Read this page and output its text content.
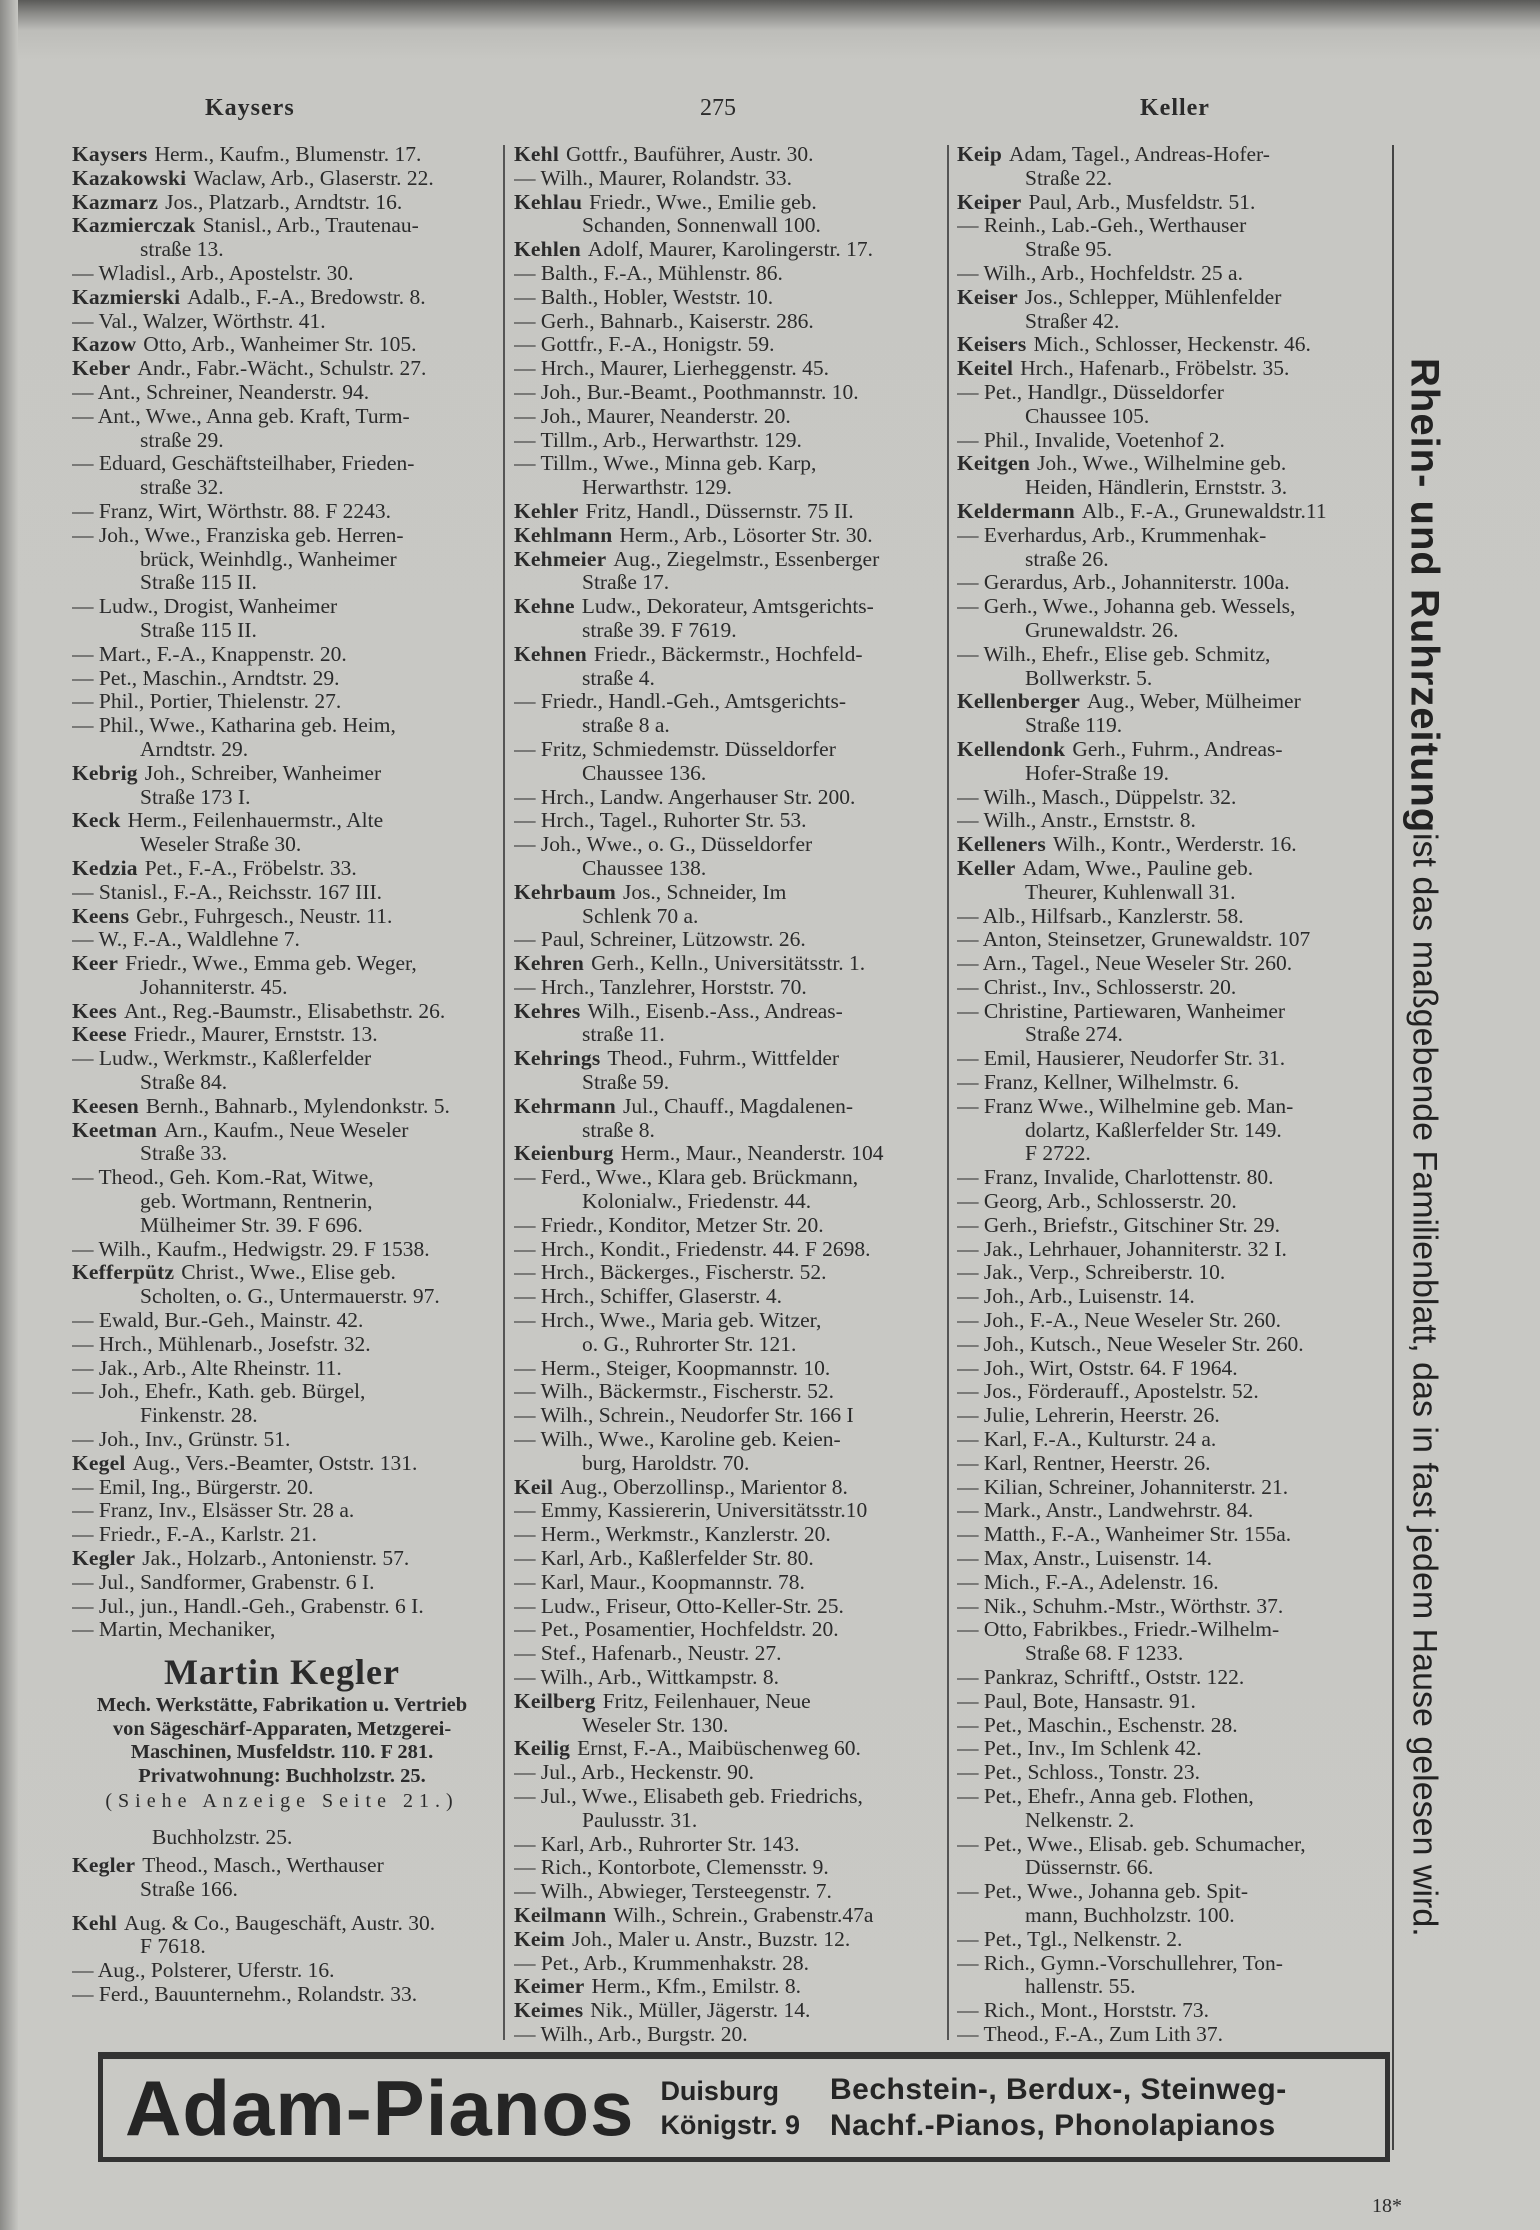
Kaysers	275	Keller
Kaysers Herm., Kaufm., Blumenstr. 17.
Kazakowski Waclaw, Arb., Glaserstr. 22.
Kazmarz Jos., Platzarb., Arndtstr. 16.
Kazmierczak Stanisl., Arb., Trautenau-
straße 13.
— Wladisl., Arb., Apostelstr. 30.
Kazmierski Adalb., F.-A., Bredowstr. 8.
— Val., Walzer, Wörthstr. 41.
Kazow Otto, Arb., Wanheimer Str. 105.
Keber Andr., Fabr.-Wächt., Schulstr. 27.
— Ant., Schreiner, Neanderstr. 94.
— Ant., Wwe., Anna geb. Kraft, Turm-
straße 29.
— Eduard, Geschäftsteilhaber, Frieden-
straße 32.
— Franz, Wirt, Wörthstr. 88. F 2243.
— Joh., Wwe., Franziska geb. Herren-
brück, Weinhdlg., Wanheimer
Straße 115 II.
— Ludw., Drogist, Wanheimer
Straße 115 II.
— Mart., F.-A., Knappenstr. 20.
— Pet., Maschin., Arndtstr. 29.
— Phil., Portier, Thielenstr. 27.
— Phil., Wwe., Katharina geb. Heim,
Arndtstr. 29.
Kebrig Joh., Schreiber, Wanheimer
Straße 173 I.
Keck Herm., Feilenhauermstr., Alte
Weseler Straße 30.
Kedzia Pet., F.-A., Fröbelstr. 33.
— Stanisl., F.-A., Reichsstr. 167 III.
Keens Gebr., Fuhrgesch., Neustr. 11.
— W., F.-A., Waldlehne 7.
Keer Friedr., Wwe., Emma geb. Weger,
Johanniterstr. 45.
Kees Ant., Reg.-Baumstr., Elisabethstr. 26.
Keese Friedr., Maurer, Ernststr. 13.
— Ludw., Werkmstr., Kaßlerfelder
Straße 84.
Keesen Bernh., Bahnarb., Mylendonkstr. 5.
Keetman Arn., Kaufm., Neue Weseler
Straße 33.
— Theod., Geh. Kom.-Rat, Witwe,
geb. Wortmann, Rentnerin,
Mülheimer Str. 39. F 696.
— Wilh., Kaufm., Hedwigstr. 29. F 1538.
Kefferpütz Christ., Wwe., Elise geb.
Scholten, o. G., Untermauerstr. 97.
— Ewald, Bur.-Geh., Mainstr. 42.
— Hrch., Mühlenarb., Josefstr. 32.
— Jak., Arb., Alte Rheinstr. 11.
— Joh., Ehefr., Kath. geb. Bürgel,
Finkenstr. 28.
— Joh., Inv., Grünstr. 51.
Kegel Aug., Vers.-Beamter, Oststr. 131.
— Emil, Ing., Bürgerstr. 20.
— Franz, Inv., Elsässer Str. 28 a.
— Friedr., F.-A., Karlstr. 21.
Kegler Jak., Holzarb., Antonienstr. 57.
— Jul., Sandformer, Grabenstr. 6 I.
— Jul., jun., Handl.-Geh., Grabenstr. 6 I.
— Martin, Mechaniker,
Martin Kegler
Mech. Werkstätte, Fabrikation u. Vertrieb
von Sägeschärf-Apparaten, Metzgerei-
Maschinen, Musfeldstr. 110. F 281.
Privatwohnung: Buchholzstr. 25.
(Siehe Anzeige Seite 21.)
Buchholzstr. 25.
Kegler Theod., Masch., Werthauser
Straße 166.
Kehl Aug. & Co., Baugeschäft, Austr. 30.
F 7618.
— Aug., Polsterer, Uferstr. 16.
— Ferd., Bauunternehm., Rolandstr. 33.
Kehl Gottfr., Bauführer, Austr. 30.
— Wilh., Maurer, Rolandstr. 33.
Kehlau Friedr., Wwe., Emilie geb.
Schanden, Sonnenwall 100.
Kehlen Adolf, Maurer, Karolingerstr. 17.
— Balth., F.-A., Mühlenstr. 86.
— Balth., Hobler, Weststr. 10.
— Gerh., Bahnarb., Kaiserstr. 286.
— Gottfr., F.-A., Honigstr. 59.
— Hrch., Maurer, Lierheggenstr. 45.
— Joh., Bur.-Beamt., Poothmannstr. 10.
— Joh., Maurer, Neanderstr. 20.
— Tillm., Arb., Herwarthstr. 129.
— Tillm., Wwe., Minna geb. Karp,
Herwarthstr. 129.
Kehler Fritz, Handl., Düssernstr. 75 II.
Kehlmann Herm., Arb., Lösorter Str. 30.
Kehmeier Aug., Ziegelmstr., Essenberger
Straße 17.
Kehne Ludw., Dekorateur, Amtsgerichts-
straße 39. F 7619.
Kehnen Friedr., Bäckermstr., Hochfeld-
straße 4.
— Friedr., Handl.-Geh., Amtsgerichts-
straße 8 a.
— Fritz, Schmiedemstr. Düsseldorfer
Chaussee 136.
— Hrch., Landw. Angerhauser Str. 200.
— Hrch., Tagel., Ruhorter Str. 53.
— Joh., Wwe., o. G., Düsseldorfer
Chaussee 138.
Kehrbaum Jos., Schneider, Im
Schlenk 70 a.
— Paul, Schreiner, Lützowstr. 26.
Kehren Gerh., Kelln., Universitätsstr. 1.
— Hrch., Tanzlehrer, Horststr. 70.
Kehres Wilh., Eisenb.-Ass., Andreas-
straße 11.
Kehrings Theod., Fuhrm., Wittfelder
Straße 59.
Kehrmann Jul., Chauff., Magdalenen-
straße 8.
Keienburg Herm., Maur., Neanderstr. 104
— Ferd., Wwe., Klara geb. Brückmann,
Kolonialw., Friedenstr. 44.
— Friedr., Konditor, Metzer Str. 20.
— Hrch., Kondit., Friedenstr. 44. F 2698.
— Hrch., Bäckerges., Fischerstr. 52.
— Hrch., Schiffer, Glaserstr. 4.
— Hrch., Wwe., Maria geb. Witzer,
o. G., Ruhrorter Str. 121.
— Herm., Steiger, Koopmannstr. 10.
— Wilh., Bäckermstr., Fischerstr. 52.
— Wilh., Schrein., Neudorfer Str. 166 I
— Wilh., Wwe., Karoline geb. Keien-
burg, Haroldstr. 70.
Keil Aug., Oberzollinsp., Marientor 8.
— Emmy, Kassiererin, Universitätsstr.10
— Herm., Werkmstr., Kanzlerstr. 20.
— Karl, Arb., Kaßlerfelder Str. 80.
— Karl, Maur., Koopmannstr. 78.
— Ludw., Friseur, Otto-Keller-Str. 25.
— Pet., Posamentier, Hochfeldstr. 20.
— Stef., Hafenarb., Neustr. 27.
— Wilh., Arb., Wittkampstr. 8.
Keilberg Fritz, Feilenhauer, Neue
Weseler Str. 130.
Keilig Ernst, F.-A., Maibüschenweg 60.
— Jul., Arb., Heckenstr. 90.
— Jul., Wwe., Elisabeth geb. Friedrichs,
Paulusstr. 31.
— Karl, Arb., Ruhrorter Str. 143.
— Rich., Kontorbote, Clemensstr. 9.
— Wilh., Abwieger, Tersteegenstr. 7.
Keilmann Wilh., Schrein., Grabenstr.47a
Keim Joh., Maler u. Anstr., Buzstr. 12.
— Pet., Arb., Krummenhakstr. 28.
Keimer Herm., Kfm., Emilstr. 8.
Keimes Nik., Müller, Jägerstr. 14.
— Wilh., Arb., Burgstr. 20.
Keip Adam, Tagel., Andreas-Hofer-
Straße 22.
Keiper Paul, Arb., Musfeldstr. 51.
— Reinh., Lab.-Geh., Werthauser
Straße 95.
— Wilh., Arb., Hochfeldstr. 25 a.
Keiser Jos., Schlepper, Mühlenfelder
Straßer 42.
Keisers Mich., Schlosser, Heckenstr. 46.
Keitel Hrch., Hafenarb., Fröbelstr. 35.
— Pet., Handlgr., Düsseldorfer
Chaussee 105.
— Phil., Invalide, Voetenhof 2.
Keitgen Joh., Wwe., Wilhelmine geb.
Heiden, Händlerin, Ernststr. 3.
Keldermann Alb., F.-A., Grunewaldstr.11
— Everhardus, Arb., Krummenhak-
straße 26.
— Gerardus, Arb., Johanniterstr. 100a.
— Gerh., Wwe., Johanna geb. Wessels,
Grunewaldstr. 26.
— Wilh., Ehefr., Elise geb. Schmitz,
Bollwerkstr. 5.
Kellenberger Aug., Weber, Mülheimer
Straße 119.
Kellendonk Gerh., Fuhrm., Andreas-
Hofer-Straße 19.
— Wilh., Masch., Düppelstr. 32.
— Wilh., Anstr., Ernststr. 8.
Kelleners Wilh., Kontr., Werderstr. 16.
Keller Adam, Wwe., Pauline geb.
Theurer, Kuhlenwall 31.
— Alb., Hilfsarb., Kanzlerstr. 58.
— Anton, Steinsetzer, Grunewaldstr. 107
— Arn., Tagel., Neue Weseler Str. 260.
— Christ., Inv., Schlosserstr. 20.
— Christine, Partiewaren, Wanheimer
Straße 274.
— Emil, Hausierer, Neudorfer Str. 31.
— Franz, Kellner, Wilhelmstr. 6.
— Franz Wwe., Wilhelmine geb. Man-
dolartz, Kaßlerfelder Str. 149.
F 2722.
— Franz, Invalide, Charlottenstr. 80.
— Georg, Arb., Schlosserstr. 20.
— Gerh., Briefstr., Gitschiner Str. 29.
— Jak., Lehrhauer, Johanniterstr. 32 I.
— Jak., Verp., Schreiberstr. 10.
— Joh., Arb., Luisenstr. 14.
— Joh., F.-A., Neue Weseler Str. 260.
— Joh., Kutsch., Neue Weseler Str. 260.
— Joh., Wirt, Oststr. 64. F 1964.
— Jos., Förderauff., Apostelstr. 52.
— Julie, Lehrerin, Heerstr. 26.
— Karl, F.-A., Kulturstr. 24 a.
— Karl, Rentner, Heerstr. 26.
— Kilian, Schreiner, Johanniterstr. 21.
— Mark., Anstr., Landwehrstr. 84.
— Matth., F.-A., Wanheimer Str. 155a.
— Max, Anstr., Luisenstr. 14.
— Mich., F.-A., Adelenstr. 16.
— Nik., Schuhm.-Mstr., Wörthstr. 37.
— Otto, Fabrikbes., Friedr.-Wilhelm-
Straße 68. F 1233.
— Pankraz, Schriftf., Oststr. 122.
— Paul, Bote, Hansastr. 91.
— Pet., Maschin., Eschenstr. 28.
— Pet., Inv., Im Schlenk 42.
— Pet., Schloss., Tonstr. 23.
— Pet., Ehefr., Anna geb. Flothen,
Nelkenstr. 2.
— Pet., Wwe., Elisab. geb. Schumacher,
Düssernstr. 66.
— Pet., Wwe., Johanna geb. Spit-
mann, Buchholzstr. 100.
— Pet., Tgl., Nelkenstr. 2.
— Rich., Gymn.-Vorschullehrer, Ton-
hallenstr. 55.
— Rich., Mont., Horststr. 73.
— Theod., F.-A., Zum Lith 37.
Rhein- und Ruhrzeitung
ist das maßgebende Familienblatt, das in fast jedem Hause gelesen wird.
Adam-Pianos Duisburg
Königstr. 9
Bechstein-, Berdux-, Steinweg-
Nachf.-Pianos, Phonolapianos
18*
